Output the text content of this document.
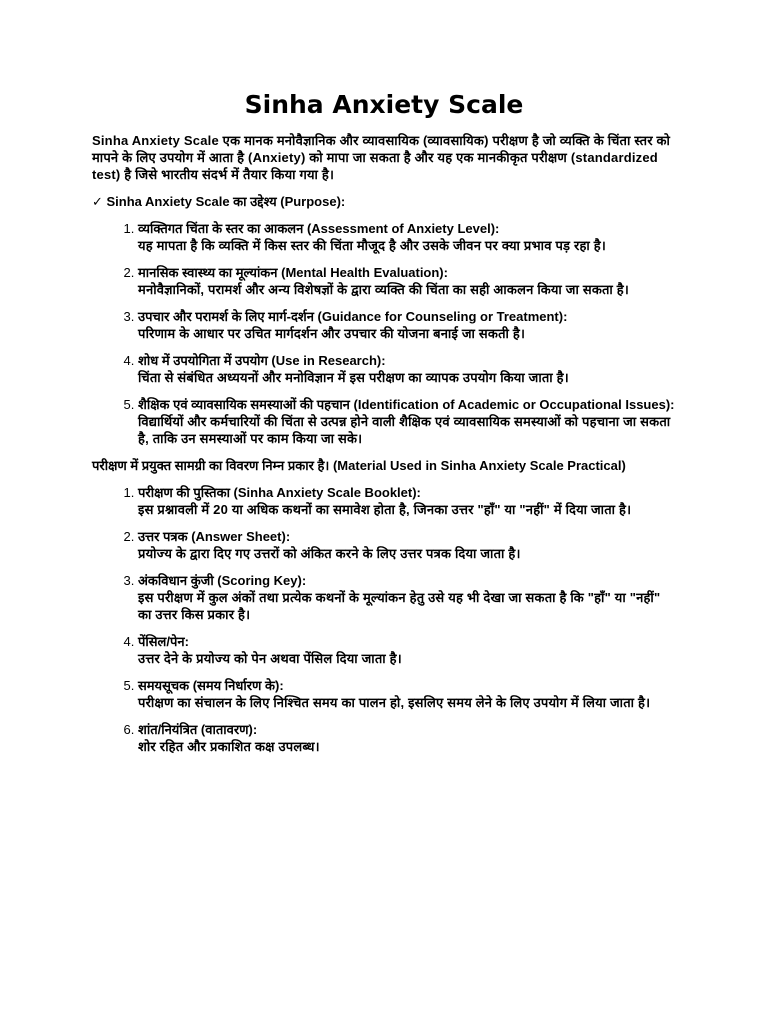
Sinha Anxiety Scale

Sinha Anxiety Scale एक मानक मनोवैज्ञानिक और व्यावसायिक (व्यावसायिक) परीक्षण है जो व्यक्ति के चिंता स्तर को मापने के लिए उपयोग में आता है (Anxiety) को मापा जा सकता है और यह एक मानकीकृत परीक्षण (standardized test) है जिसे भारतीय संदर्भ में तैयार किया गया है।

✓ Sinha Anxiety Scale का उद्देश्य (Purpose):

1. व्यक्तिगत चिंता के स्तर का आकलन (Assessment of Anxiety Level):
यह मापता है कि व्यक्ति में किस स्तर की चिंता मौजूद है और उसके जीवन पर क्या प्रभाव पड़ रहा है।
2. मानसिक स्वास्थ्य का मूल्यांकन (Mental Health Evaluation):
मनोवैज्ञानिकों, परामर्श और अन्य विशेषज्ञों के द्वारा व्यक्ति की चिंता का सही आकलन किया जा सकता है।
3. उपचार और परामर्श के लिए मार्ग-दर्शन (Guidance for Counseling or Treatment):
परिणाम के आधार पर उचित मार्गदर्शन और उपचार की योजना बनाई जा सकती है।
4. शोध में उपयोगिता में उपयोग (Use in Research):
चिंता से संबंधित अध्ययनों और मनोविज्ञान में इस परीक्षण का व्यापक उपयोग किया जाता है।
5. शैक्षिक एवं व्यावसायिक समस्याओं की पहचान (Identification of Academic or Occupational Issues):
विद्यार्थियों और कर्मचारियों की चिंता से उत्पन्न होने वाली शैक्षिक एवं व्यावसायिक समस्याओं को पहचाना जा सकता है, ताकि उन समस्याओं पर काम किया जा सके।

परीक्षण में प्रयुक्त सामग्री का विवरण निम्न प्रकार है। (Material Used in Sinha Anxiety Scale Practical)

1. परीक्षण की पुस्तिका (Sinha Anxiety Scale Booklet):
इस प्रश्नावली में 20 या अधिक कथनों का समावेश होता है, जिनका उत्तर "हाँ" या "नहीं" में दिया जाता है।
2. उत्तर पत्रक (Answer Sheet):
प्रयोज्य के द्वारा दिए गए उत्तरों को अंकित करने के लिए उत्तर पत्रक दिया जाता है।
3. अंकविधान कुंजी (Scoring Key):
इस परीक्षण में कुल अंकों तथा प्रत्येक कथनों के मूल्यांकन हेतु उसे यह भी देखा जा सकता है कि "हाँ" या "नहीं" का उत्तर किस प्रकार है।
4. पेंसिल/पेन:
उत्तर देने के प्रयोज्य को पेन अथवा पेंसिल दिया जाता है।
5. समयसूचक (समय निर्धारण के):
परीक्षण का संचालन के लिए निश्चित समय का पालन हो, इसलिए समय लेने के लिए उपयोग में लिया जाता है।
6. शांत/नियंत्रित (वातावरण):
शोर रहित और प्रकाशित कक्ष उपलब्ध।
